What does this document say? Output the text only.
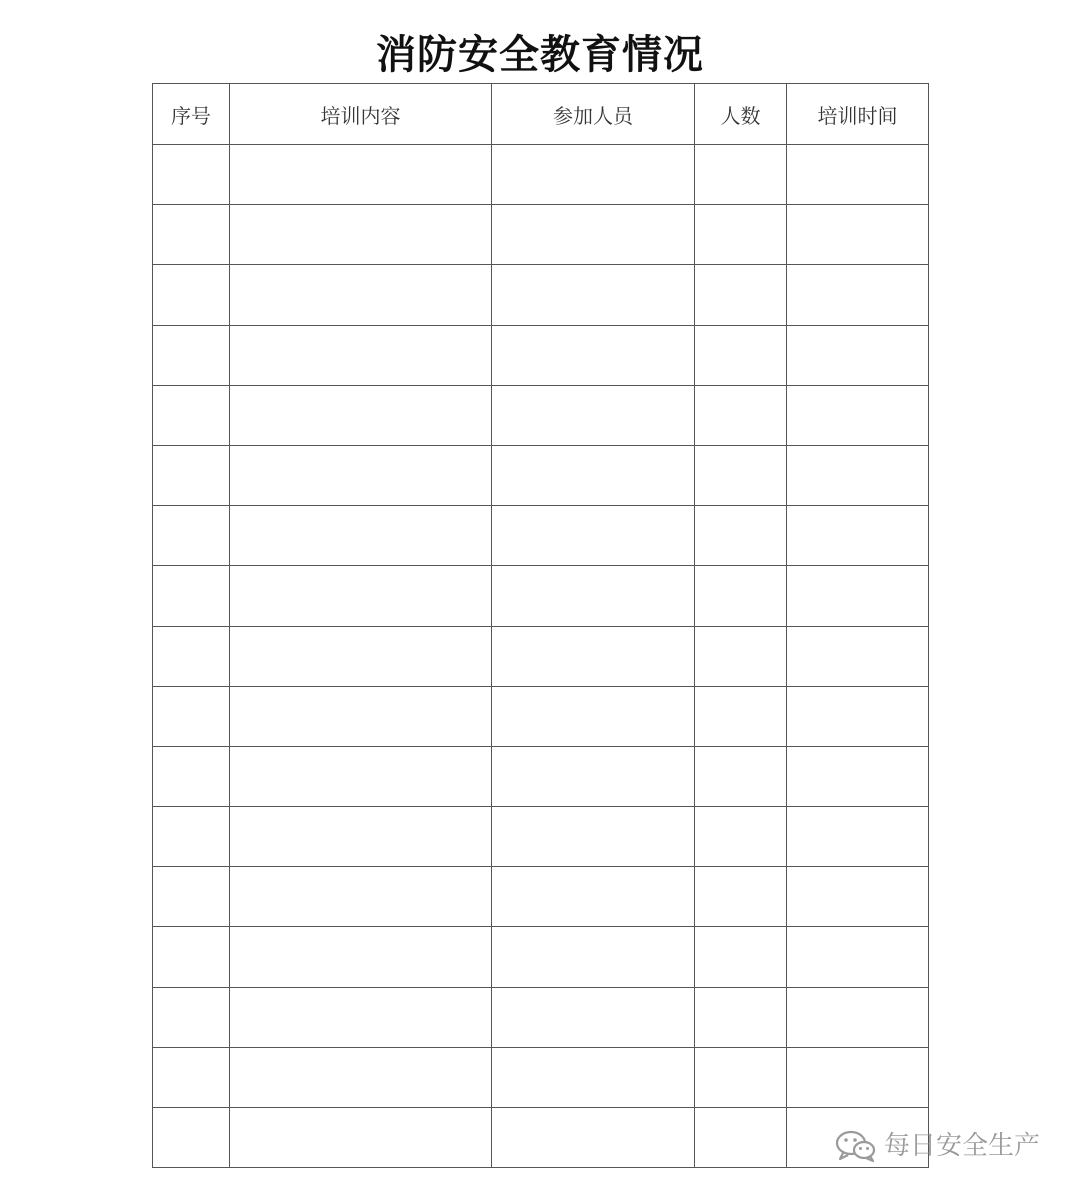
消防安全教育情况
序号	培训内容	参加人员	人数	培训时间

每日安全生产
